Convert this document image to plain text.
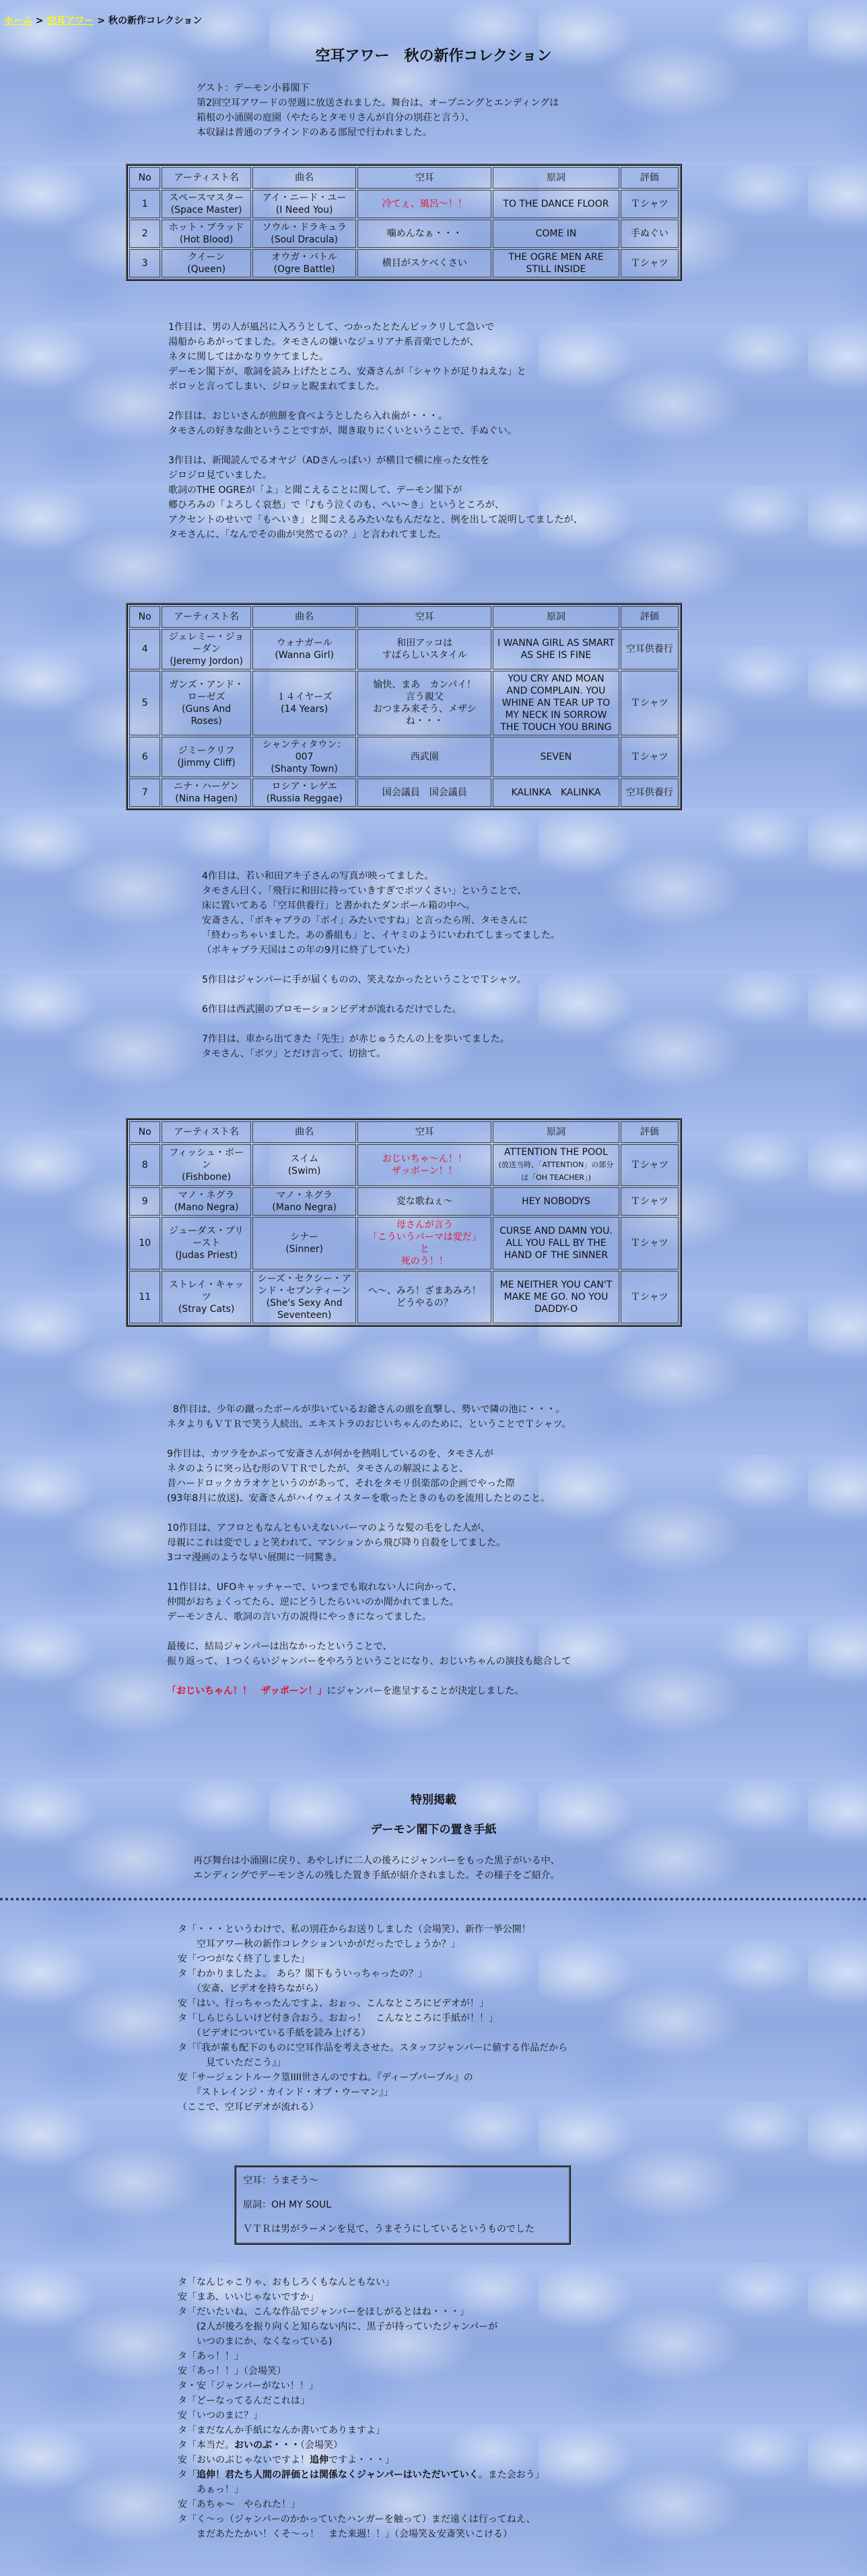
ホーム > 空耳アワー > 秋の新作コレクション
空耳アワー　秋の新作コレクション
ゲスト：デーモン小暮閣下
第2回空耳アワードの翌週に放送されました。舞台は、オープニングとエンディングは
箱根の小涌園の庭園（やたらとタモリさんが自分の別荘と言う）、
本収録は普通のブラインドのある部屋で行われました。
No	アーティスト名	曲名	空耳	原詞	評価
1	スペースマスター
(Space Master)	アイ・ニード・ユー
(I Need You)	冷てぇ、風呂〜！！	TO THE DANCE FLOOR	Ｔシャツ
2	ホット・ブラッド
(Hot Blood)	ソウル・ドラキュラ
(Soul Dracula)	噛めんなぁ・・・	COME IN	手ぬぐい
3	クイーン
(Queen)	オウガ・バトル
(Ogre Battle)	横目がスケベくさい	THE OGRE MEN ARE STILL INSIDE	Ｔシャツ
1作目は、男の人が風呂に入ろうとして、つかったとたんビックリして急いで
湯船からあがってました。タモさんの嫌いなジュリアナ系音楽でしたが、
ネタに関してはかなりウケてました。
デーモン閣下が、歌詞を読み上げたところ、安斎さんが「シャウトが足りねえな」と
ボロッと言ってしまい、ジロッと睨まれてました。

2作目は、おじいさんが煎餅を食べようとしたら入れ歯が・・・。
タモさんの好きな曲ということですが、聞き取りにくいということで、手ぬぐい。

3作目は、新聞読んでるオヤジ（ADさんっぽい）が横目で横に座った女性を
ジロジロ見ていました。
歌詞のTHE OGREが「よ」と聞こえることに関して、デーモン閣下が
郷ひろみの「よろしく哀愁」で「♪もう泣くのも、へい〜き」というところが、
アクセントのせいで「もへいき」と聞こえるみたいなもんだなと、例を出して説明してましたが、
タモさんに、「なんでその曲が突然でるの？」と言われてました。
No	アーティスト名	曲名	空耳	原詞	評価
4	ジェレミー・ジョーダン
(Jeremy Jordon)	ウォナガール
(Wanna Girl)	和田アッコは
すばらしいスタイル	I WANNA GIRL AS SMART AS SHE IS FINE	空耳供養行
5	ガンズ・アンド・ローゼズ
(Guns And Roses)	１４イヤーズ
(14 Years)	愉快、まあ　カンパイ！
言う親父
おつまみ来そう、メザシね・・・	YOU CRY AND MOAN AND COMPLAIN. YOU WHINE AN TEAR UP TO MY NECK IN SORROW THE TOUCH YOU BRING	Ｔシャツ
6	ジミークリフ
(Jimmy Cliff)	シャンティタウン：007
(Shanty Town)	西武園	SEVEN	Ｔシャツ
7	ニナ・ハーゲン
(Nina Hagen)	ロシア・レゲエ
(Russia Reggae)	国会議員　国会議員	KALINKA　KALINKA	空耳供養行
4作目は、若い和田アキ子さんの写真が映ってました。
タモさん曰く、「飛行に和田に持っていきすぎでボツくさい」ということで、
床に置いてある「空耳供養行」と書かれたダンボール箱の中へ。
安斎さん、「ボキャブラの「ボイ」みたいですね」と言ったら所、タモさんに
「終わっちゃいました。あの番組も」と、イヤミのようにいわれてしまってました。
（ボキャブラ天国はこの年の9月に終了していた）

5作目はジャンパーに手が届くものの、笑えなかったということでＴシャツ。

6作目は西武園のプロモーションビデオが流れるだけでした。

7作目は、車から出てきた「先生」が赤じゅうたんの上を歩いてました。
タモさん、「ボツ」とだけ言って、切捨て。
No	アーティスト名	曲名	空耳	原詞	評価
8	フィッシュ・ボーン
(Fishbone)	スイム
(Swim)	おじいちゃ〜ん！！
ザッボーン！！	ATTENTION THE POOL
(放送当時、「ATTENTION」の部分は「OH TEACHER」)	Ｔシャツ
9	マノ・ネグラ
(Mano Negra)	マノ・ネグラ
(Mano Negra)	変な歌ねぇ〜	HEY NOBODYS	Ｔシャツ
10	ジューダス・プリースト
(Judas Priest)	シナー
(Sinner)	母さんが言う
「こういうパーマは変だ」
と
死のう！！	CURSE AND DAMN YOU. ALL YOU FALL BY THE HAND OF THE SINNER	Ｔシャツ
11	ストレイ・キャッツ
(Stray Cats)	シーズ・セクシー・アンド・セブンティーン
(She's Sexy And Seventeen)	へ〜、みろ！ざまあみろ！
どうやるの？	ME NEITHER YOU CAN'T MAKE ME GO. NO YOU DADDY-O	Ｔシャツ

8作目は、少年の蹴ったボールが歩いているお爺さんの頭を直撃し、勢いで隣の池に・・・。
ネタよりもＶＴＲで笑う人続出、エキストラのおじいちゃんのために、ということでＴシャツ。

9作目は、カツラをかぶって安斎さんが何かを熱唱しているのを、タモさんが
ネタのように突っ込む形のＶＴＲでしたが、タモさんの解説によると、
昔ハードロックカラオケというのがあって、それをタモリ倶楽部の企画でやった際
(93年8月に放送)、安斎さんがハイウェイスターを歌ったときのものを流用したとのこと。

10作目は、アフロともなんともいえないパーマのような髪の毛をした人が、
母親にこれは変でしょと笑われて、マンションから飛び降り自殺をしてました。
3コマ漫画のような早い展開に一同驚き。

11作目は、UFOキャッチャーで、いつまでも取れない人に向かって、
仲間がおちょくってたら、逆にどうしたらいいのか聞かれてました。
デーモンさん、歌詞の言い方の説得にやっきになってました。

最後に、結局ジャンパーは出なかったということで、
振り返って、１つくらいジャンパーをやろうということになり、おじいちゃんの演技も総合して

「おじいちゃん！！　ザッボーン！」にジャンパーを進呈することが決定しました。

特別掲載
デーモン閣下の置き手紙
再び舞台は小涌園に戻り、あやしげに二人の後ろにジャンパーをもった黒子がいる中、
エンディングでデーモンさんの残した置き手紙が紹介されました。その様子をご紹介。
タ「・・・というわけで、私の別荘からお送りしました（会場笑）、新作一挙公開！
　　空耳アワー秋の新作コレクションいかがだったでしょうか？」
安「つつがなく終了しました」
タ「わかりましたよ。　あら？閣下もういっちゃったの？」
　　（安斎、ビデオを持ちながら）
安「はい、行っちゃったんですよ、おぉっ、こんなところにビデオが！」
タ「しらじらしいけど付き合おう。おおっ！　こんなところに手紙が！！」
　　（ビデオについている手紙を読み上げる）
タ「『我が輩も配下のものに空耳作品を考えさせた。スタッフジャンパーに値する作品だから
　　　見ていただこう』」
安「サージェントルーク篁IIII世さんのですね。『ディープパープル』の
　　『ストレインジ・カインド・オブ・ウーマン』」
（ここで、空耳ビデオが流れる）
空耳：うまそう〜
原詞：OH MY SOUL
ＶＴＲは男がラーメンを見て、うまそうにしているというものでした
タ「なんじゃこりゃ、おもしろくもなんともない」
安「まあ、いいじゃないですか」
タ「だいたいね、こんな作品でジャンパーをほしがるとはね・・・」
　　(2人が後ろを振り向くと知らない内に、黒子が持っていたジャンパーが
　　いつのまにか、なくなっている)
タ「あっ！！」
安「あっ！！」（会場笑）
タ・安「ジャンパーがない！！」
タ「どーなってるんだこれは」
安「いつのまに？」
タ「まだなんか手紙になんか書いてありますよ」
タ「本当だ。おいのぶ・・・（会場笑）
安「おいのぶじゃないですよ！追伸ですよ・・・」
タ「追伸！君たち人間の評価とは関係なくジャンパーはいただいていく。また会おう」
　　あぁっ！」
安「あちゃ〜　やられた！」
タ「く〜っ（ジャンパーのかかっていたハンガーを触って）まだ遠くは行ってねえ、
　　まだあたたかい！くそ〜っ！　また来週！！」（会場笑＆安斎笑いこける）
